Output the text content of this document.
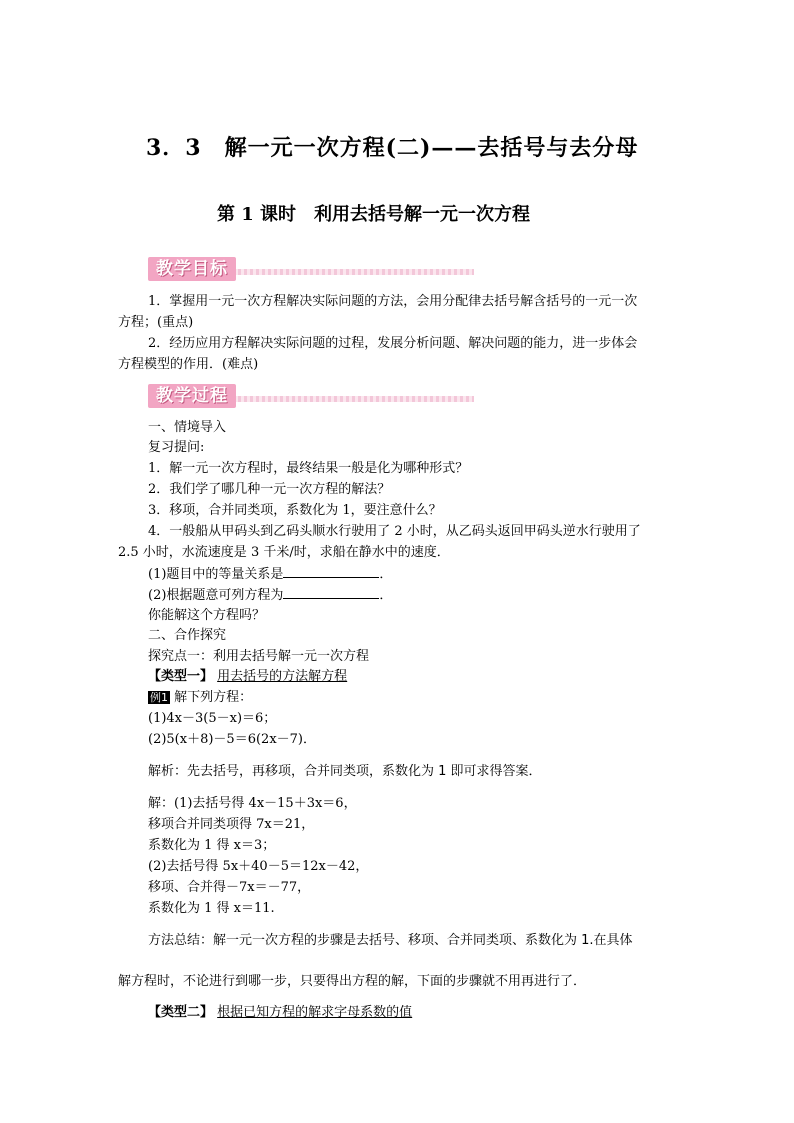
3．3　解一元一次方程(二)——去括号与去分母
第 1 课时　利用去括号解一元一次方程
教学目标
1．掌握用一元一次方程解决实际问题的方法，会用分配律去括号解含括号的一元一次
方程；(重点)
2．经历应用方程解决实际问题的过程，发展分析问题、解决问题的能力，进一步体会
方程模型的作用．(难点)
教学过程
一、情境导入
复习提问:
1．解一元一次方程时，最终结果一般是化为哪种形式？
2．我们学了哪几种一元一次方程的解法？
3．移项，合并同类项，系数化为 1，要注意什么？
4．一般船从甲码头到乙码头顺水行驶用了 2 小时，从乙码头返回甲码头逆水行驶用了
2.5 小时，水流速度是 3 千米/时，求船在静水中的速度．
(1)题目中的等量关系是	．
(2)根据题意可列方程为	．
你能解这个方程吗？
二、合作探究
探究点一：利用去括号解一元一次方程
【类型一】 用去括号的方法解方程
例1 解下列方程：
(1)4x－3(5－x)＝6；
(2)5(x＋8)－5＝6(2x－7)．
解析：先去括号，再移项，合并同类项，系数化为 1 即可求得答案．
解：(1)去括号得 4x－15＋3x＝6，
移项合并同类项得 7x＝21，
系数化为 1 得 x＝3；
(2)去括号得 5x＋40－5＝12x－42，
移项、合并得－7x＝－77，
系数化为 1 得 x＝11.
方法总结：解一元一次方程的步骤是去括号、移项、合并同类项、系数化为 1.在具体
解方程时，不论进行到哪一步，只要得出方程的解，下面的步骤就不用再进行了．
【类型二】 根据已知方程的解求字母系数的值
